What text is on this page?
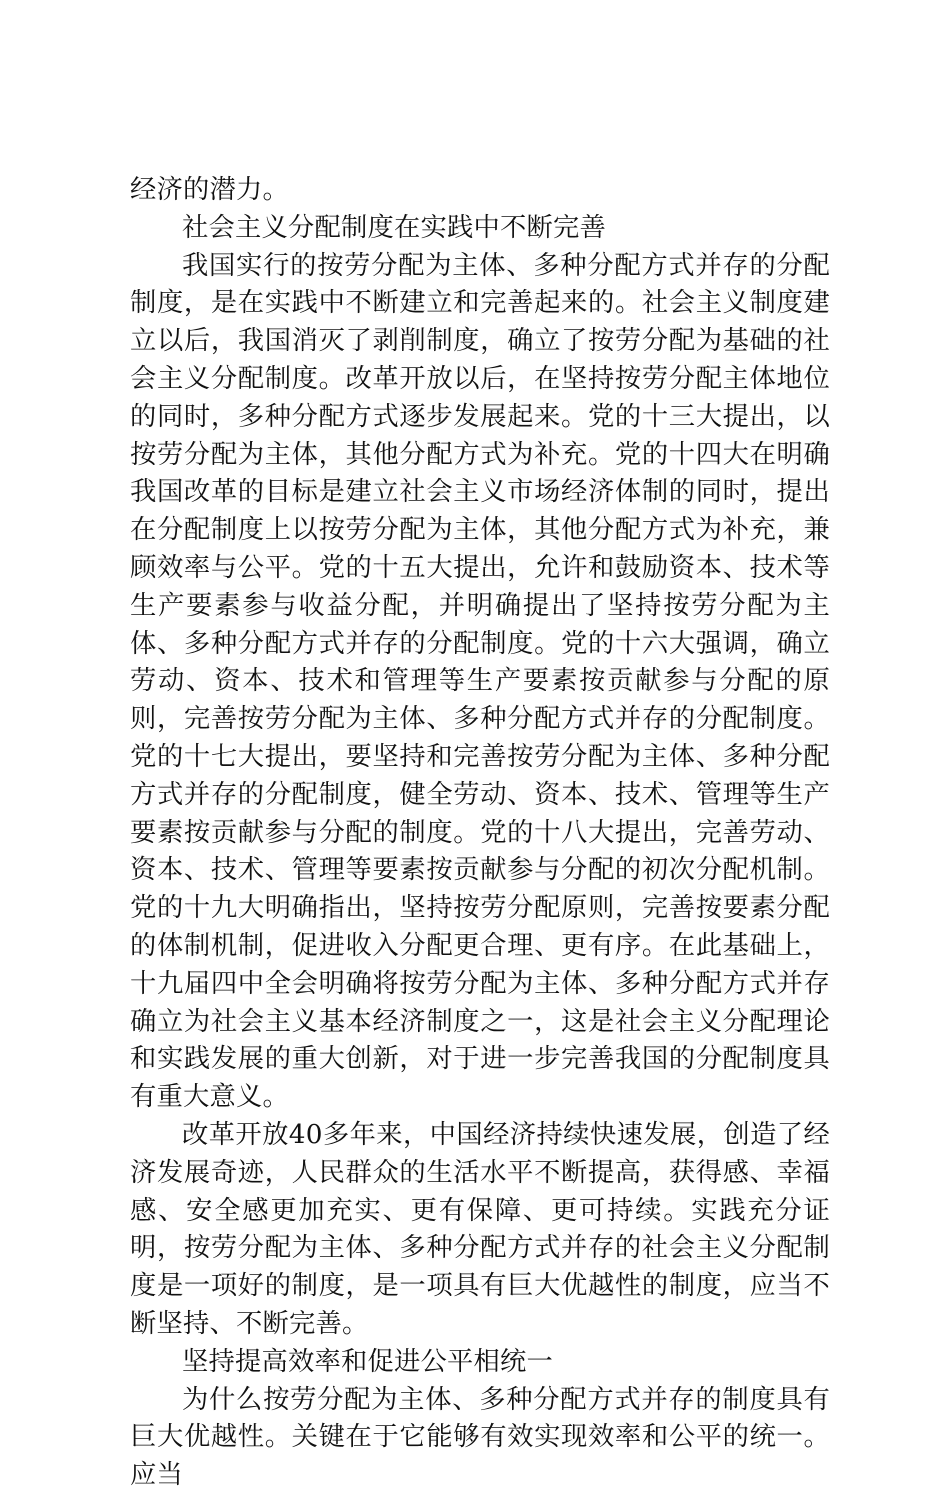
经济的潜力。

社会主义分配制度在实践中不断完善

我国实行的按劳分配为主体、多种分配方式并存的分配制度，是在实践中不断建立和完善起来的。社会主义制度建立以后，我国消灭了剥削制度，确立了按劳分配为基础的社会主义分配制度。改革开放以后，在坚持按劳分配主体地位的同时，多种分配方式逐步发展起来。党的十三大提出，以按劳分配为主体，其他分配方式为补充。党的十四大在明确我国改革的目标是建立社会主义市场经济体制的同时，提出在分配制度上以按劳分配为主体，其他分配方式为补充，兼顾效率与公平。党的十五大提出，允许和鼓励资本、技术等生产要素参与收益分配，并明确提出了坚持按劳分配为主体、多种分配方式并存的分配制度。党的十六大强调，确立劳动、资本、技术和管理等生产要素按贡献参与分配的原则，完善按劳分配为主体、多种分配方式并存的分配制度。党的十七大提出，要坚持和完善按劳分配为主体、多种分配方式并存的分配制度，健全劳动、资本、技术、管理等生产要素按贡献参与分配的制度。党的十八大提出，完善劳动、资本、技术、管理等要素按贡献参与分配的初次分配机制。党的十九大明确指出，坚持按劳分配原则，完善按要素分配的体制机制，促进收入分配更合理、更有序。在此基础上，十九届四中全会明确将按劳分配为主体、多种分配方式并存确立为社会主义基本经济制度之一，这是社会主义分配理论和实践发展的重大创新，对于进一步完善我国的分配制度具有重大意义。

改革开放40多年来，中国经济持续快速发展，创造了经济发展奇迹，人民群众的生活水平不断提高，获得感、幸福感、安全感更加充实、更有保障、更可持续。实践充分证明，按劳分配为主体、多种分配方式并存的社会主义分配制度是一项好的制度，是一项具有巨大优越性的制度，应当不断坚持、不断完善。

坚持提高效率和促进公平相统一

为什么按劳分配为主体、多种分配方式并存的制度具有巨大优越性。关键在于它能够有效实现效率和公平的统一。应当
